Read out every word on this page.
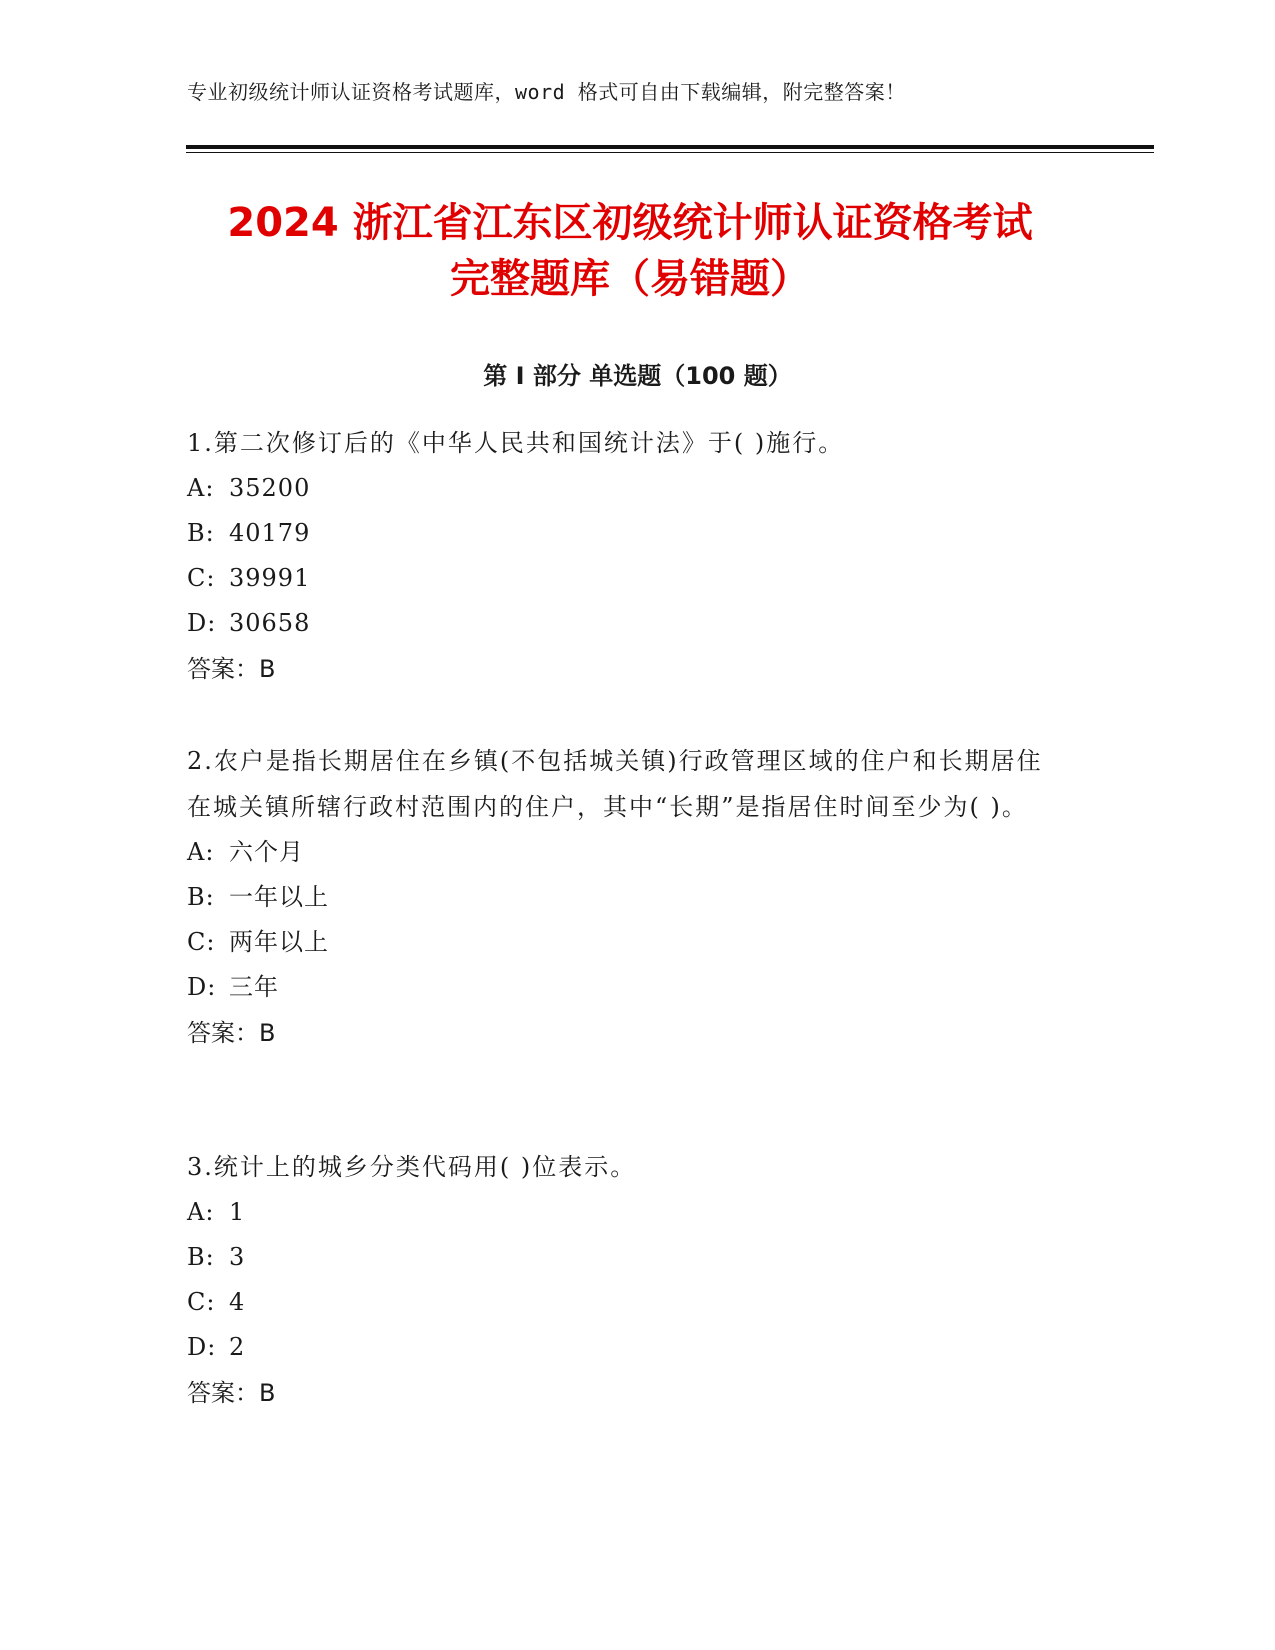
专业初级统计师认证资格考试题库，word 格式可自由下载编辑，附完整答案！
2024 浙江省江东区初级统计师认证资格考试
完整题库（易错题）
第 I 部分 单选题（100 题）

1.第二次修订后的《中华人民共和国统计法》于( )施行。

A: 35200

B: 40179

C: 39991

D: 30658

答案：B

2.农户是指长期居住在乡镇(不包括城关镇)行政管理区域的住户和长期居住在城关镇所辖行政村范围内的住户，其中“长期”是指居住时间至少为( )。

A: 六个月

B: 一年以上

C: 两年以上

D: 三年

答案：B

3.统计上的城乡分类代码用( )位表示。

A: 1

B: 3

C: 4

D: 2

答案：B
